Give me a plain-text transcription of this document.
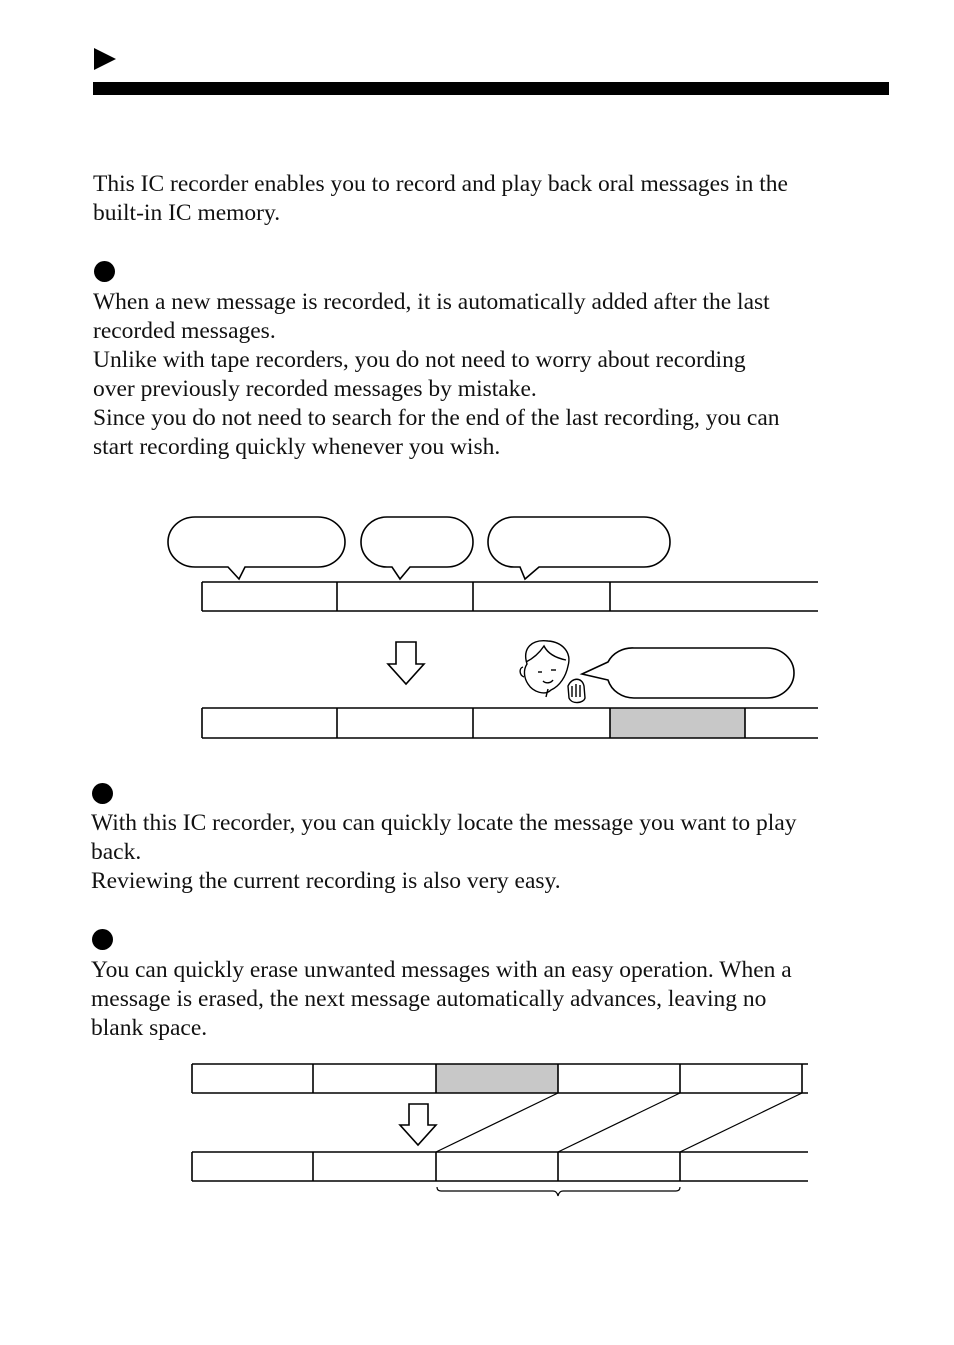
This IC recorder enables you to record and play back oral messages in the
built-in IC memory.

When a new message is recorded, it is automatically added after the last
recorded messages.
Unlike with tape recorders, you do not need to worry about recording
over previously recorded messages by mistake.
Since you do not need to search for the end of the last recording, you can
start recording quickly whenever you wish.

With this IC recorder, you can quickly locate the message you want to play
back.
Reviewing the current recording is also very easy.

You can quickly erase unwanted messages with an easy operation. When a
message is erased, the next message automatically advances, leaving no
blank space.
